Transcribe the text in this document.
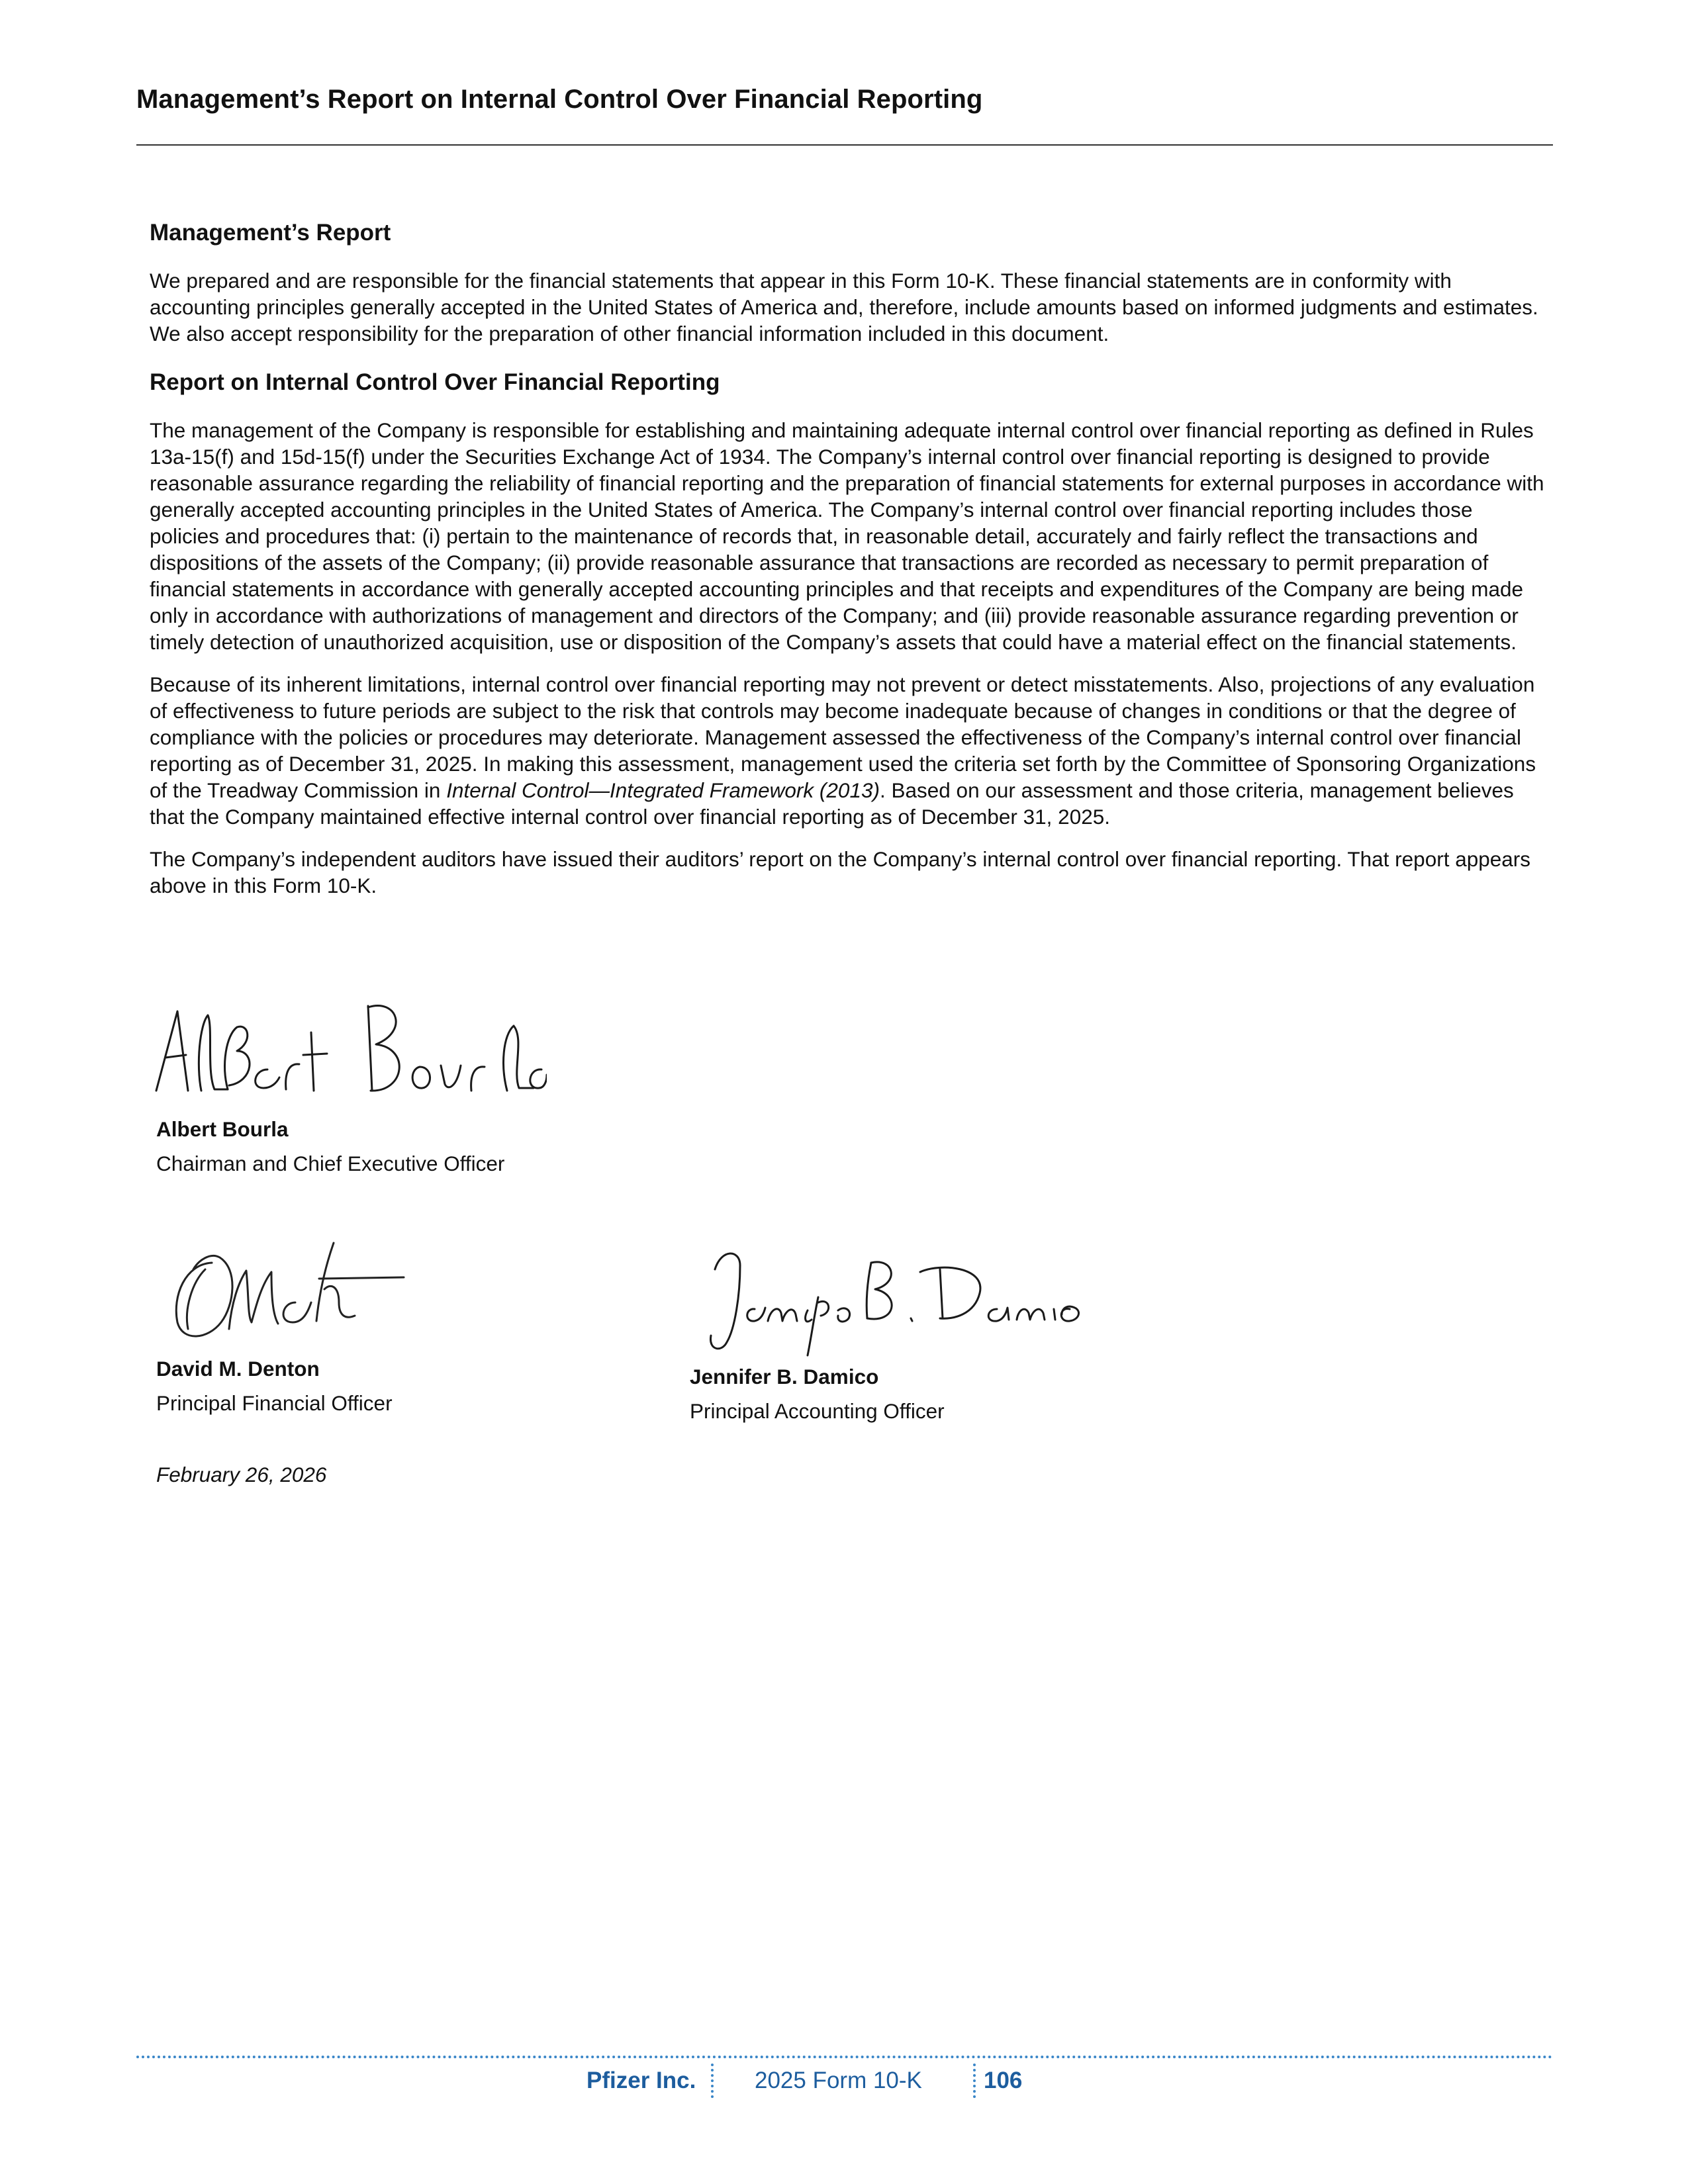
Management’s Report on Internal Control Over Financial Reporting
Management’s Report

We prepared and are responsible for the financial statements that appear in this Form 10-K. These financial statements are in conformity with accounting principles generally accepted in the United States of America and, therefore, include amounts based on informed judgments and estimates. We also accept responsibility for the preparation of other financial information included in this document.

Report on Internal Control Over Financial Reporting

The management of the Company is responsible for establishing and maintaining adequate internal control over financial reporting as defined in Rules 13a-15(f) and 15d-15(f) under the Securities Exchange Act of 1934. The Company’s internal control over financial reporting is designed to provide reasonable assurance regarding the reliability of financial reporting and the preparation of financial statements for external purposes in accordance with generally accepted accounting principles in the United States of America. The Company’s internal control over financial reporting includes those policies and procedures that: (i) pertain to the maintenance of records that, in reasonable detail, accurately and fairly reflect the transactions and dispositions of the assets of the Company; (ii) provide reasonable assurance that transactions are recorded as necessary to permit preparation of financial statements in accordance with generally accepted accounting principles and that receipts and expenditures of the Company are being made only in accordance with authorizations of management and directors of the Company; and (iii) provide reasonable assurance regarding prevention or timely detection of unauthorized acquisition, use or disposition of the Company’s assets that could have a material effect on the financial statements.

Because of its inherent limitations, internal control over financial reporting may not prevent or detect misstatements. Also, projections of any evaluation of effectiveness to future periods are subject to the risk that controls may become inadequate because of changes in conditions or that the degree of compliance with the policies or procedures may deteriorate. Management assessed the effectiveness of the Company’s internal control over financial reporting as of December 31, 2025. In making this assessment, management used the criteria set forth by the Committee of Sponsoring Organizations of the Treadway Commission in Internal Control—Integrated Framework (2013). Based on our assessment and those criteria, management believes that the Company maintained effective internal control over financial reporting as of December 31, 2025.

The Company’s independent auditors have issued their auditors’ report on the Company’s internal control over financial reporting. That report appears above in this Form 10-K.

Albert Bourla
Chairman and Chief Executive Officer
David M. Denton
Principal Financial Officer
Jennifer B. Damico
Principal Accounting Officer
February 26, 2026
Pfizer Inc.	2025 Form 10-K	106
